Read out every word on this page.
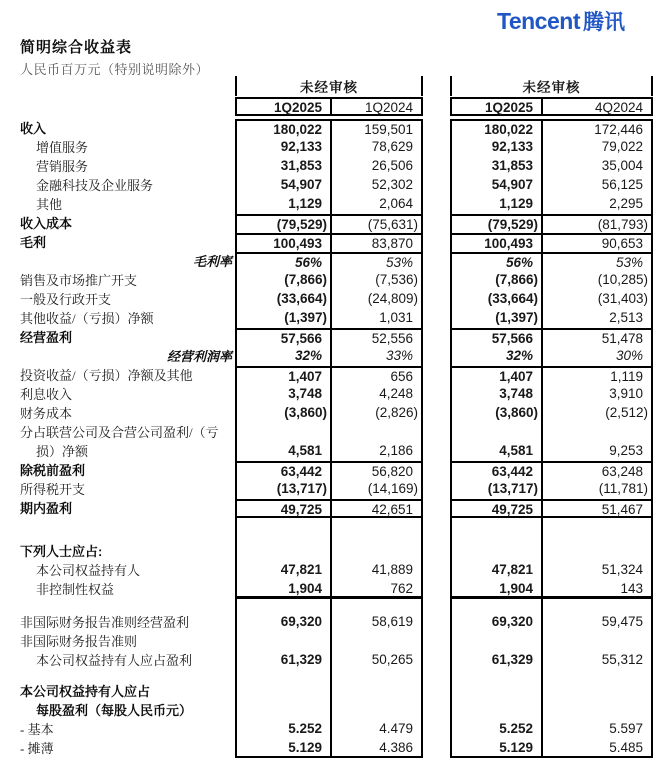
Tencent 腾讯
简明综合收益表
人民币百万元（特别说明除外）
未经审核	未经审核
1Q2025	1Q2024	1Q2025	4Q2024
收入	180,022	159,501	180,022	172,446
增值服务	92,133	78,629	92,133	79,022
营销服务	31,853	26,506	31,853	35,004
金融科技及企业服务	54,907	52,302	54,907	56,125
其他	1,129	2,064	1,129	2,295
收入成本	(79,529)	(75,631)	(79,529)	(81,793)
毛利	100,493	83,870	100,493	90,653
毛利率	56%	53%	56%	53%
销售及市场推广开支	(7,866)	(7,536)	(7,866)	(10,285)
一般及行政开支	(33,664)	(24,809)	(33,664)	(31,403)
其他收益/（亏损）净额	(1,397)	1,031	(1,397)	2,513
经营盈利	57,566	52,556	57,566	51,478
经营利润率	32%	33%	32%	30%
投资收益/（亏损）净额及其他	1,407	656	1,407	1,119
利息收入	3,748	4,248	3,748	3,910
财务成本	(3,860)	(2,826)	(3,860)	(2,512)
分占联营公司及合营公司盈利/（亏
损）净额	4,581	2,186	4,581	9,253
除税前盈利	63,442	56,820	63,442	63,248
所得税开支	(13,717)	(14,169)	(13,717)	(11,781)
期内盈利	49,725	42,651	49,725	51,467
下列人士应占:
本公司权益持有人	47,821	41,889	47,821	51,324
非控制性权益	1,904	762	1,904	143
非国际财务报告准则经营盈利	69,320	58,619	69,320	59,475
非国际财务报告准则
本公司权益持有人应占盈利	61,329	50,265	61,329	55,312
本公司权益持有人应占
每股盈利（每股人民币元）
- 基本	5.252	4.479	5.252	5.597
- 摊薄	5.129	4.386	5.129	5.485
